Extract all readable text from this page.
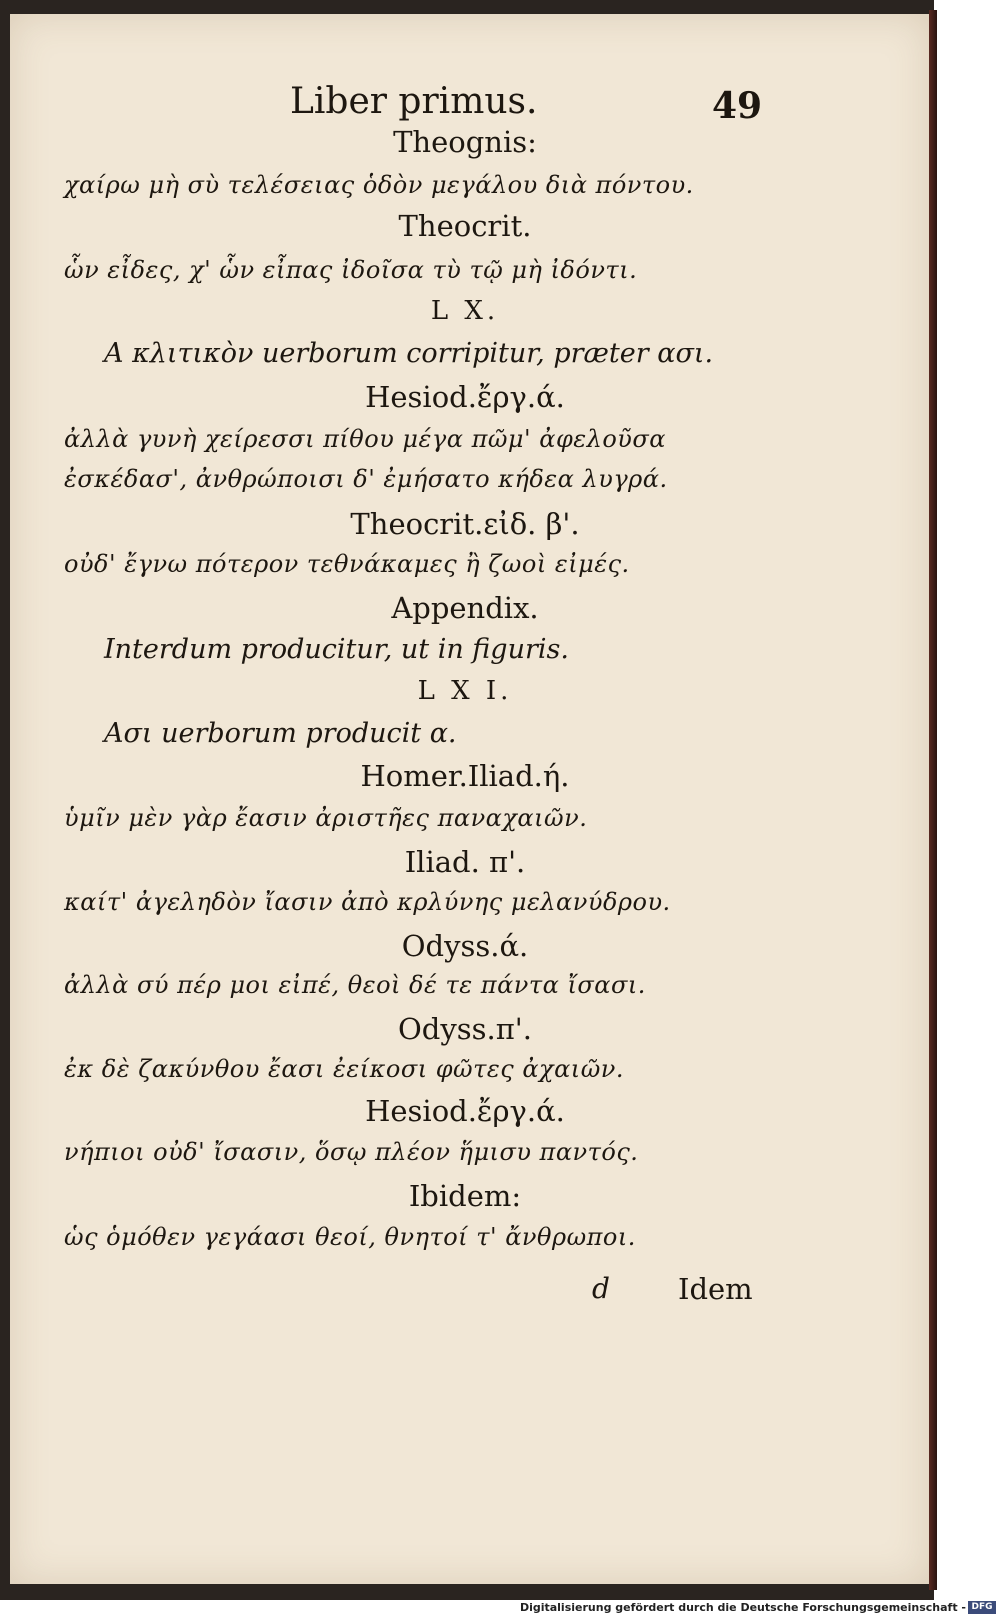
Liber primus.	49
Theognis:
χαίρω μὴ σὺ τελέσειας ὁδὸν μεγάλου διὰ πόντου.
Theocrit.
ὧν εἶδες, χ' ὧν εἶπας ἰδοῖσα τὺ τῷ μὴ ἰδόντι.
L X.
A κλιτικὸν uerborum corripitur, præter ασι.
Hesiod.ἔργ.ά.
ἀλλὰ γυνὴ χείρεσσι πίθου μέγα πῶμ' ἀφελοῦσα
ἐσκέδασ', ἀνθρώποισι δ' ἐμήσατο κήδεα λυγρά.
Theocrit.εἰδ. β'.
οὐδ' ἔγνω πότερον τεθνάκαμες ἢ ζωοὶ εἰμές.
Appendix.
Interdum producitur, ut in figuris.
L X I.
Ασι uerborum producit α.
Homer.Iliad.ή.
ὑμῖν μὲν γὰρ ἔασιν ἀριστῆες παναχαιῶν.
Iliad. π'.
καίτ' ἀγεληδὸν ἴασιν ἀπὸ κρλύνης μελανύδρου.
Odyss.ά.
ἀλλὰ σύ πέρ μοι εἰπέ, θεοὶ δέ τε πάντα ἴσασι.
Odyss.π'.
ἐκ δὲ ζακύνθου ἔασι ἐείκοσι φῶτες ἀχαιῶν.
Hesiod.ἔργ.ά.
νήπιοι οὐδ' ἴσασιν, ὅσῳ πλέον ἥμισυ παντός.
Ibidem:
ὡς ὁμόθεν γεγάασι θεοί, θνητοί τ' ἄνθρωποι.
d Idem
Digitalisierung gefördert durch die Deutsche Forschungsgemeinschaft - DFG
